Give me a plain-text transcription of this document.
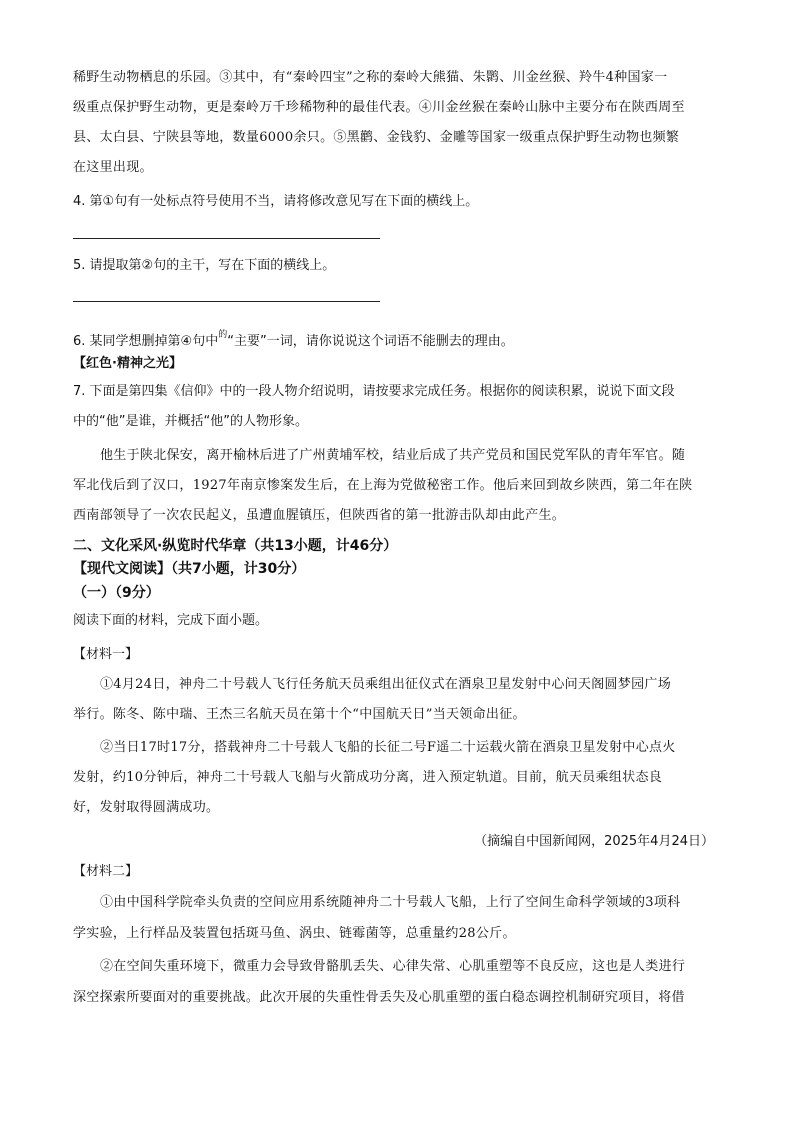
稀野生动物栖息的乐园。③其中，有“秦岭四宝”之称的秦岭大熊猫、朱鹮、川金丝猴、羚牛4种国家一
级重点保护野生动物，更是秦岭万千珍稀物种的最佳代表。④川金丝猴在秦岭山脉中主要分布在陕西周至
县、太白县、宁陕县等地，数量6000余只。⑤黑鹳、金钱豹、金雕等国家一级重点保护野生动物也频繁
在这里出现。
4. 第①句有一处标点符号使用不当，请将修改意见写在下面的横线上。
5. 请提取第②句的主干，写在下面的横线上。
6. 某同学想删掉第④句中$^的$“主要”一词，请你说说这个词语不能删去的理由。
【红色·精神之光】
7. 下面是第四集《信仰》中的一段人物介绍说明，请按要求完成任务。根据你的阅读积累，说说下面文段
中的“他”是谁，并概括“他”的人物形象。
他生于陕北保安，离开榆林后进了广州黄埔军校，结业后成了共产党员和国民党军队的青年军官。随
军北伐后到了汉口，1927年南京惨案发生后，在上海为党做秘密工作。他后来回到故乡陕西，第二年在陕
西南部领导了一次农民起义，虽遭血腥镇压，但陕西省的第一批游击队却由此产生。
二、文化采风·纵览时代华章（共13小题，计46分）
【现代文阅读】（共7小题，计30分）
（一）（9分）
阅读下面的材料，完成下面小题。
【材料一】
①4月24日，神舟二十号载人飞行任务航天员乘组出征仪式在酒泉卫星发射中心问天阁圆梦园广场
举行。陈冬、陈中瑞、王杰三名航天员在第十个“中国航天日”当天领命出征。
②当日17时17分，搭载神舟二十号载人飞船的长征二号F遥二十运载火箭在酒泉卫星发射中心点火
发射，约10分钟后，神舟二十号载人飞船与火箭成功分离，进入预定轨道。目前，航天员乘组状态良
好，发射取得圆满成功。
（摘编自中国新闻网，2025年4月24日）
【材料二】
①由中国科学院牵头负责的空间应用系统随神舟二十号载人飞船，上行了空间生命科学领域的3项科
学实验，上行样品及装置包括斑马鱼、涡虫、链霉菌等，总重量约28公斤。
②在空间失重环境下，微重力会导致骨骼肌丢失、心律失常、心肌重塑等不良反应，这也是人类进行
深空探索所要面对的重要挑战。此次开展的失重性骨丢失及心肌重塑的蛋白稳态调控机制研究项目，将借
